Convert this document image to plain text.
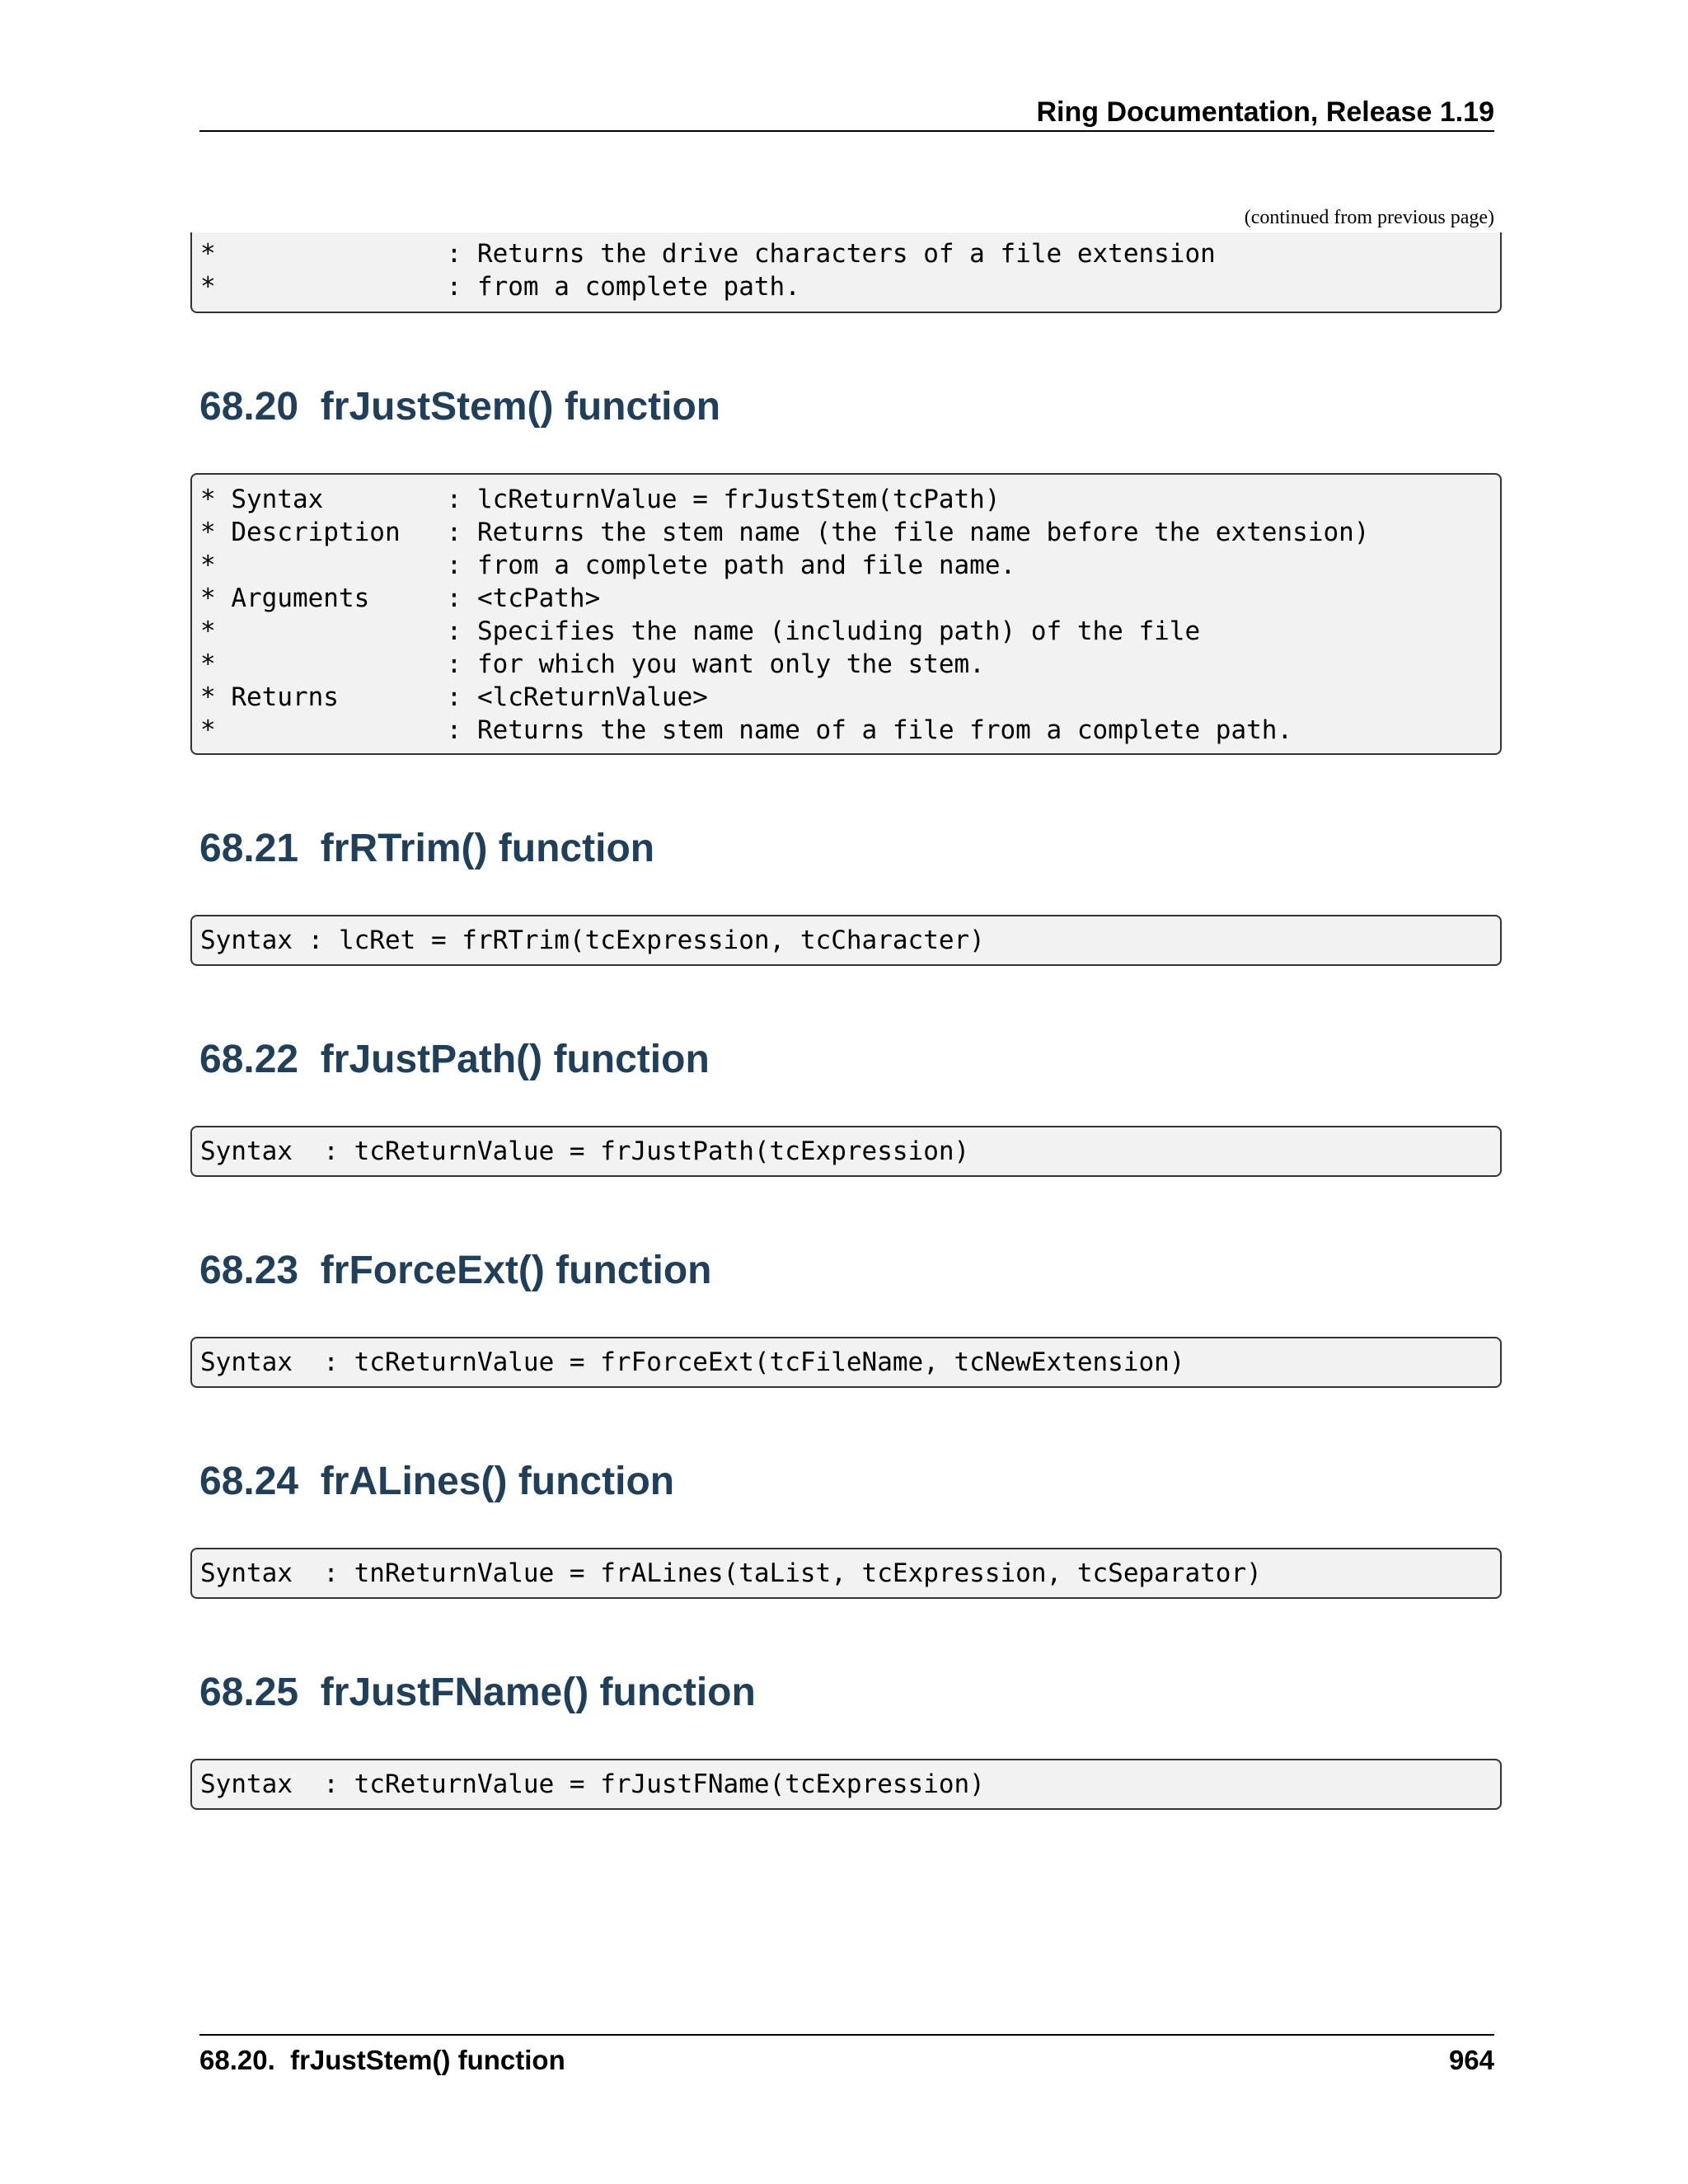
Ring Documentation, Release 1.19
(continued from previous page)

*               : Returns the drive characters of a file extension

*               : from a complete path.

68.20 frJustStem() function

* Syntax        : lcReturnValue = frJustStem(tcPath)

* Description   : Returns the stem name (the file name before the extension)

*               : from a complete path and file name.

* Arguments     : <tcPath>

*               : Specifies the name (including path) of the file

*               : for which you want only the stem.

* Returns       : <lcReturnValue>

*               : Returns the stem name of a file from a complete path.

68.21 frRTrim() function

Syntax : lcRet = frRTrim(tcExpression, tcCharacter)

68.22 frJustPath() function

Syntax  : tcReturnValue = frJustPath(tcExpression)

68.23 frForceExt() function

Syntax  : tcReturnValue = frForceExt(tcFileName, tcNewExtension)

68.24 frALines() function

Syntax  : tnReturnValue = frALines(taList, tcExpression, tcSeparator)

68.25 frJustFName() function

Syntax  : tcReturnValue = frJustFName(tcExpression)

68.20.  frJustStem() function	964
